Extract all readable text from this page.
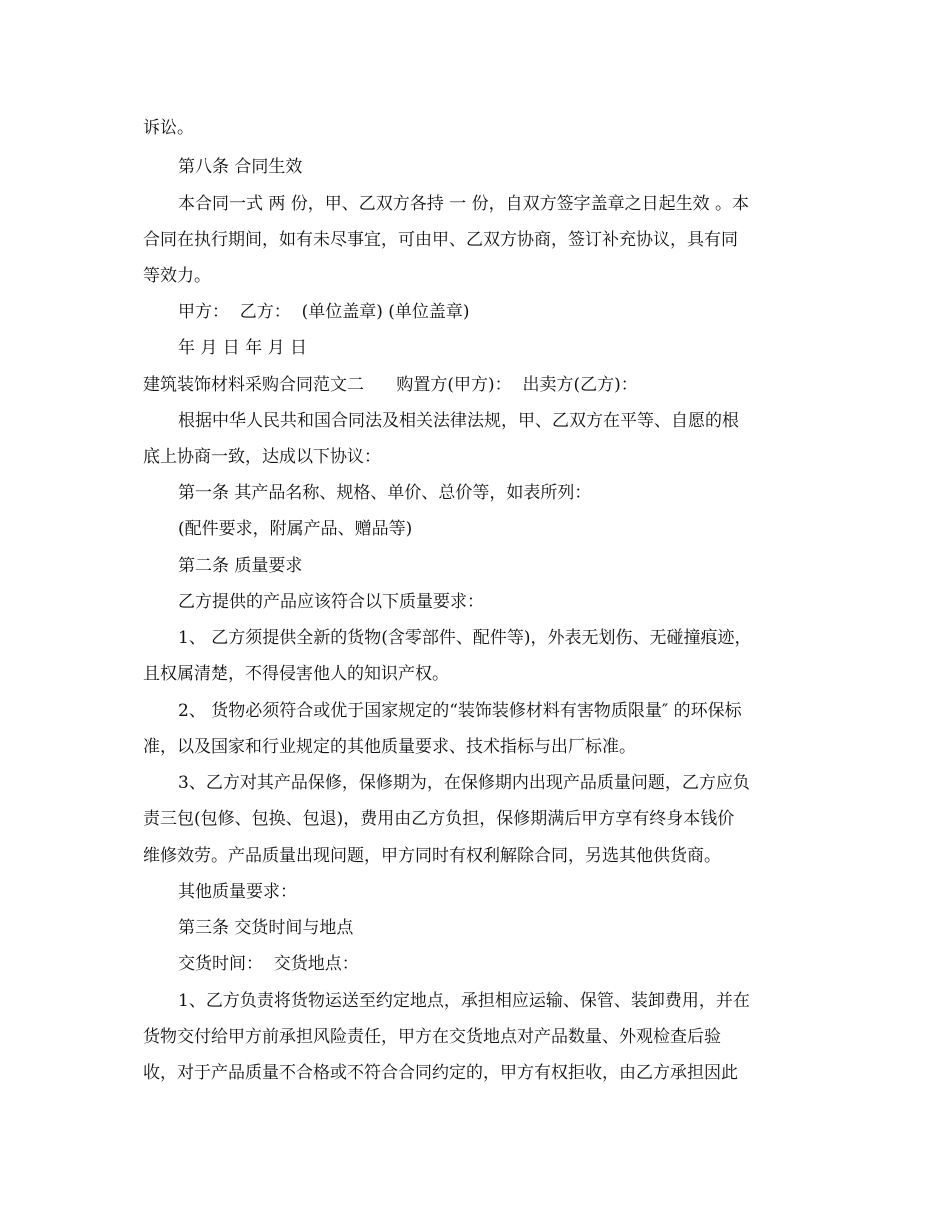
诉讼。

第八条 合同生效

本合同一式 两 份，甲、乙双方各持 一 份，自双方签字盖章之日起生效 。本

合同在执行期间，如有未尽事宜，可由甲、乙双方协商，签订补充协议，具有同

等效力。

甲方：  乙方：  (单位盖章) (单位盖章)

年 月 日 年 月 日

建筑装饰材料采购合同范文二      购置方(甲方)：  出卖方(乙方)：

根据中华人民共和国合同法及相关法律法规，甲、乙双方在平等、自愿的根

底上协商一致，达成以下协议：

第一条 其产品名称、规格、单价、总价等，如表所列：

(配件要求，附属产品、赠品等)

第二条 质量要求

乙方提供的产品应该符合以下质量要求：

1、 乙方须提供全新的货物(含零部件、配件等)，外表无划伤、无碰撞痕迹，

且权属清楚，不得侵害他人的知识产权。

2、 货物必须符合或优于国家规定的“装饰装修材料有害物质限量″ 的环保标

准，以及国家和行业规定的其他质量要求、技术指标与出厂标准。

3、乙方对其产品保修，保修期为，在保修期内出现产品质量问题，乙方应负

责三包(包修、包换、包退)，费用由乙方负担，保修期满后甲方享有终身本钱价

维修效劳。产品质量出现问题，甲方同时有权利解除合同，另选其他供货商。

其他质量要求：

第三条 交货时间与地点

交货时间：  交货地点：

1、乙方负责将货物运送至约定地点，承担相应运输、保管、装卸费用，并在

货物交付给甲方前承担风险责任，甲方在交货地点对产品数量、外观检查后验

收，对于产品质量不合格或不符合合同约定的，甲方有权拒收，由乙方承担因此
